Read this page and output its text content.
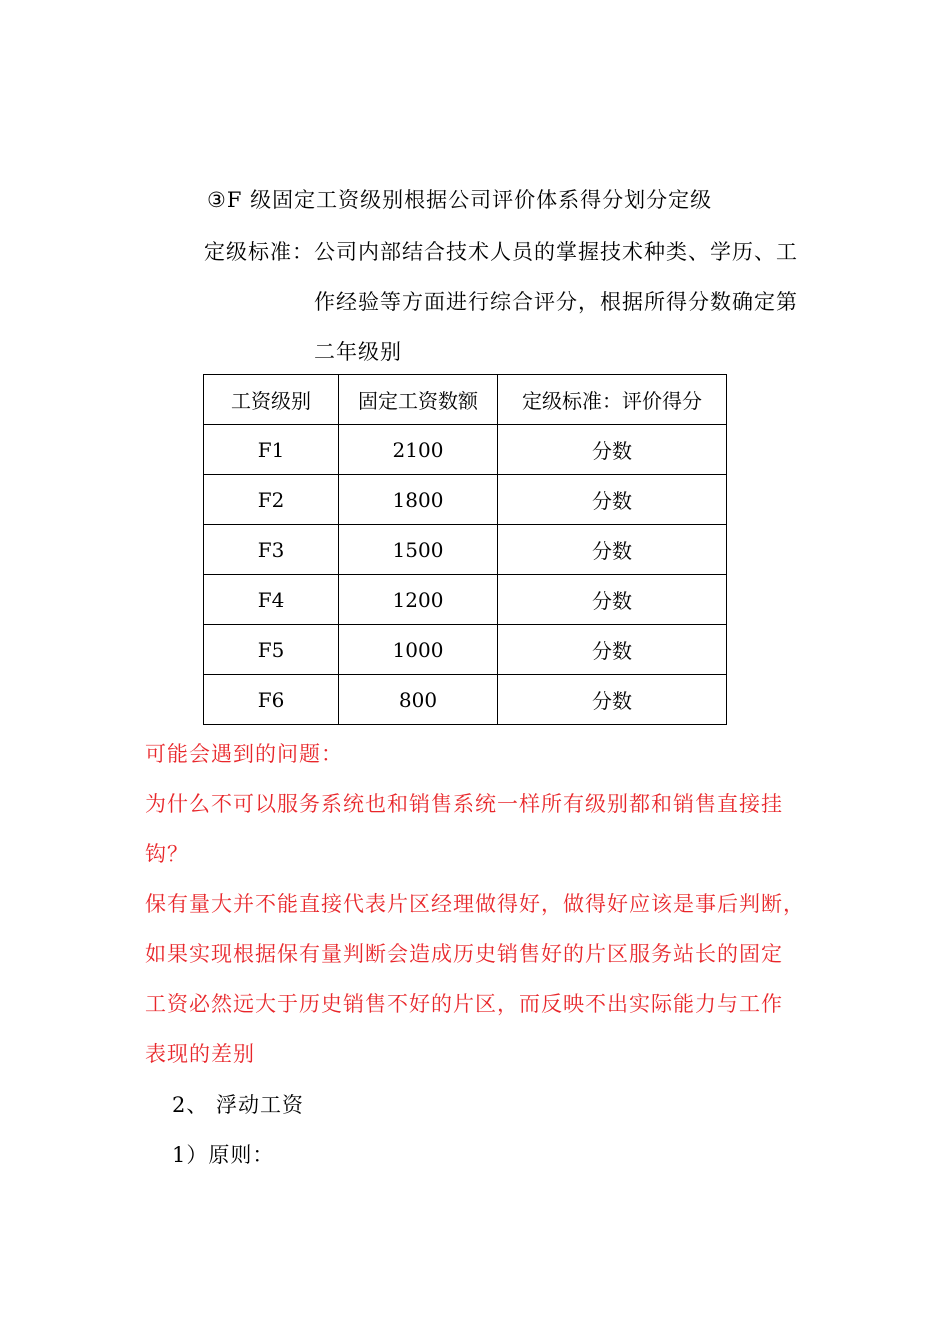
③F 级固定工资级别根据公司评价体系得分划分定级
定级标准： 公司内部结合技术人员的掌握技术种类、学历、工
作经验等方面进行综合评分，根据所得分数确定第
二年级别
工资级别	固定工资数额	定级标准：评价得分
F1	2100	分数
F2	1800	分数
F3	1500	分数
F4	1200	分数
F5	1000	分数
F6	800	分数
可能会遇到的问题：
为什么不可以服务系统也和销售系统一样所有级别都和销售直接挂
钩？
保有量大并不能直接代表片区经理做得好，做得好应该是事后判断，
如果实现根据保有量判断会造成历史销售好的片区服务站长的固定
工资必然远大于历史销售不好的片区，而反映不出实际能力与工作
表现的差别
2、 浮动工资
1）原则：
